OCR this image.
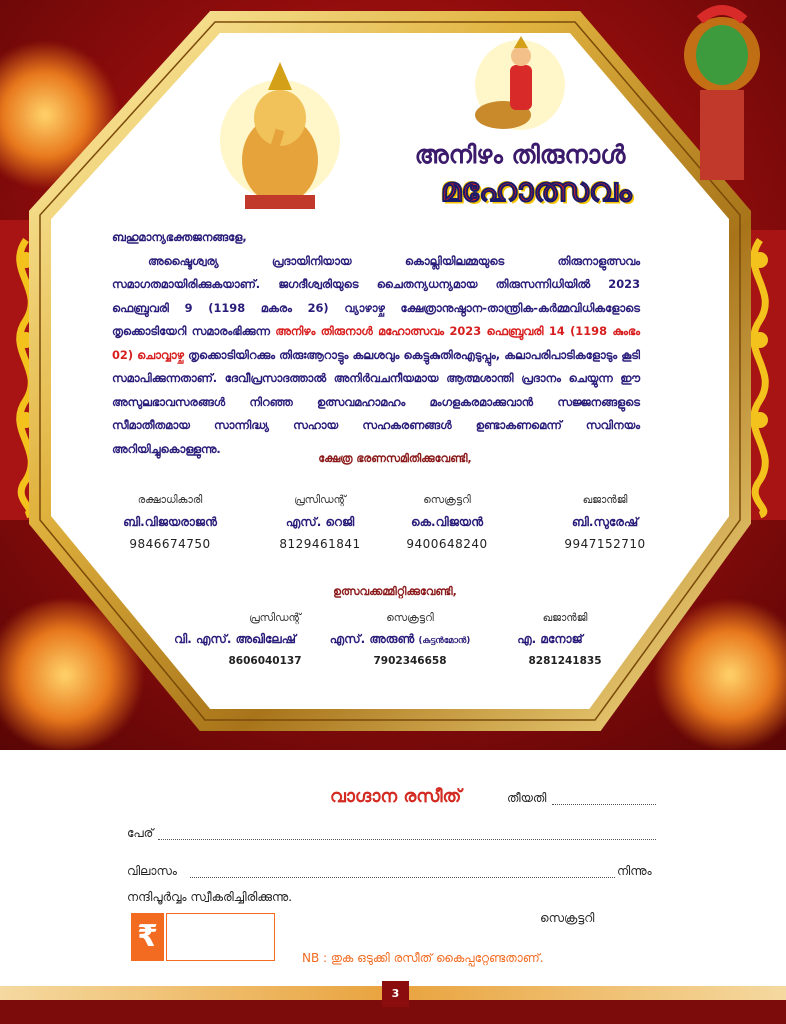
അനിഴം തിരുനാൾ
മഹോത്സവം

ബഹുമാന്യഭക്തജനങ്ങളേ,

അഷ്ടൈശ്വര്യ പ്രദായിനിയായ കൊല്ലിയിലമ്മയുടെ തിരുനാളുത്സവം സമാഗതമായിരിക്കുകയാണ്. ജഗദീശ്വരിയുടെ ചൈതന്യധന്യമായ തിരുസന്നിധിയിൽ 2023 ഫെബ്രുവരി 9 (1198 മകരം 26) വ്യാഴാഴ്ച ക്ഷേത്രാനുഷ്ഠാന-താന്ത്രിക-കർമ്മവിധികളോടെ തൃക്കൊടിയേറി സമാരംഭിക്കുന്ന അനിഴം തിരുനാൾ മഹോത്സവം 2023 ഫെബ്രുവരി 14 (1198 കുംഭം 02) ചൊവ്വാഴ്ച തൃക്കൊടിയിറക്കും തിരുഃആറാട്ടും കലശവും കെട്ടുകുതിരഎടുപ്പും, കലാപരിപാടികളോടും കൂടി സമാപിക്കുന്നതാണ്. ദേവീപ്രസാദത്താൽ അനിർവചനീയമായ ആത്മശാന്തി പ്രദാനം ചെയ്യുന്ന ഈ അസുലഭാവസരങ്ങൾ നിറഞ്ഞ ഉത്സവമഹാമഹം മംഗളകരമാക്കുവാൻ സജ്ജനങ്ങളുടെ സീമാതീതമായ സാന്നിദ്ധ്യ സഹായ സഹകരണങ്ങൾ ഉണ്ടാകണമെന്ന് സവിനയം അറിയിച്ചുകൊള്ളുന്നു.

ക്ഷേത്ര ഭരണസമിതിക്കുവേണ്ടി,
രക്ഷാധികാരി
ബി.വിജയരാജൻ
9846674750
പ്രസിഡന്റ്
എസ്. റെജി
8129461841
സെക്രട്ടറി
കെ.വിജയൻ
9400648240
ഖജാൻജി
ബി.സുരേഷ്
9947152710
ഉത്സവക്കമ്മിറ്റിക്കുവേണ്ടി,
പ്രസിഡന്റ്
വി. എസ്. അഖിലേഷ്
8606040137
സെക്രട്ടറി
എസ്. അരുൺ (കുട്ടൻമോൻ)
7902346658
ഖജാൻജി
എ. മനോജ്
8281241835
വാഗ്ദാന രസീത്	തീയതി
പേര്
വിലാസം	നിന്നും
നന്ദിപൂർവ്വം സ്വീകരിച്ചിരിക്കുന്നു.
സെക്രട്ടറി
₹
NB : തുക ഒടുക്കി രസീത് കൈപ്പറ്റേണ്ടതാണ്.
3
